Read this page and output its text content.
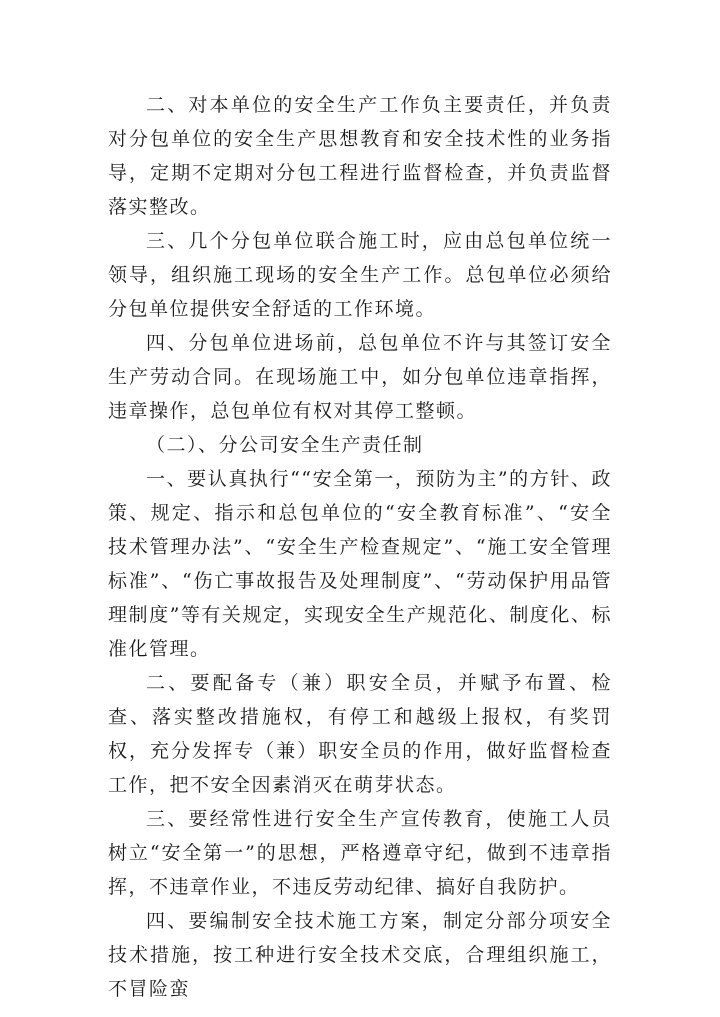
二、对本单位的安全生产工作负主要责任，并负责对分包单位的安全生产思想教育和安全技术性的业务指导，定期不定期对分包工程进行监督检查，并负责监督落实整改。

三、几个分包单位联合施工时，应由总包单位统一领导，组织施工现场的安全生产工作。总包单位必须给分包单位提供安全舒适的工作环境。

四、分包单位进场前，总包单位不许与其签订安全生产劳动合同。在现场施工中，如分包单位违章指挥，违章操作，总包单位有权对其停工整顿。

（二）、分公司安全生产责任制

一、要认真执行““安全第一，预防为主”的方针、政策、规定、指示和总包单位的“安全教育标准”、“安全技术管理办法”、“安全生产检查规定”、“施工安全管理标准”、“伤亡事故报告及处理制度”、“劳动保护用品管理制度”等有关规定，实现安全生产规范化、制度化、标准化管理。

二、要配备专（兼）职安全员，并赋予布置、检查、落实整改措施权，有停工和越级上报权，有奖罚权，充分发挥专（兼）职安全员的作用，做好监督检查工作，把不安全因素消灭在萌芽状态。

三、要经常性进行安全生产宣传教育，使施工人员树立“安全第一”的思想，严格遵章守纪，做到不违章指挥，不违章作业，不违反劳动纪律、搞好自我防护。

四、要编制安全技术施工方案，制定分部分项安全技术措施，按工种进行安全技术交底，合理组织施工，不冒险蛮
